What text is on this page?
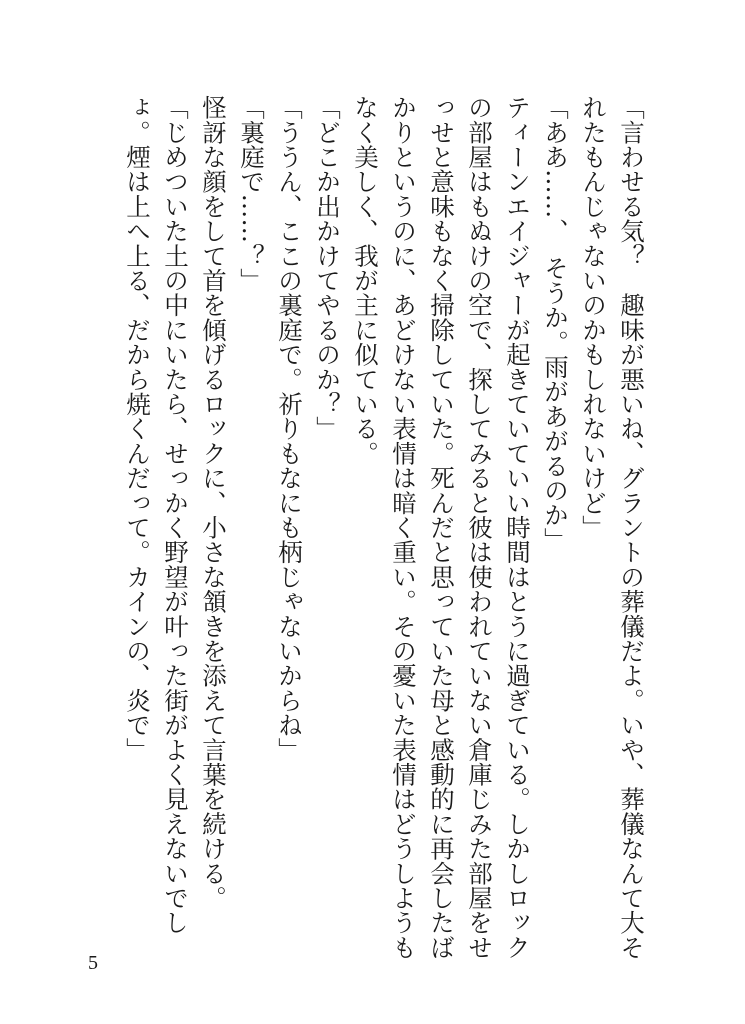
「言わせる気？　趣味が悪いね、グラントの葬儀だよ。いや、葬儀なんて大それたもんじゃないのかもしれないけど」

「ああ……、　そうか。雨があがるのか」

ティーンエイジャーが起きていていい時間はとうに過ぎている。しかしロックの部屋はもぬけの空で、探してみると彼は使われていない倉庫じみた部屋をせっせと意味もなく掃除していた。死んだと思っていた母と感動的に再会したばかりというのに、あどけない表情は暗く重い。その憂いた表情はどうしようもなく美しく、我が主に似ている。

「どこか出かけてやるのか？」

「ううん、ここの裏庭で。祈りもなにも柄じゃないからね」

「裏庭で……？」

怪訝な顔をして首を傾げるロックに、小さな頷きを添えて言葉を続ける。

「じめついた土の中にいたら、せっかく野望が叶った街がよく見えないでしょ。煙は上へ上る、だから焼くんだって。カインの、炎で」

5
